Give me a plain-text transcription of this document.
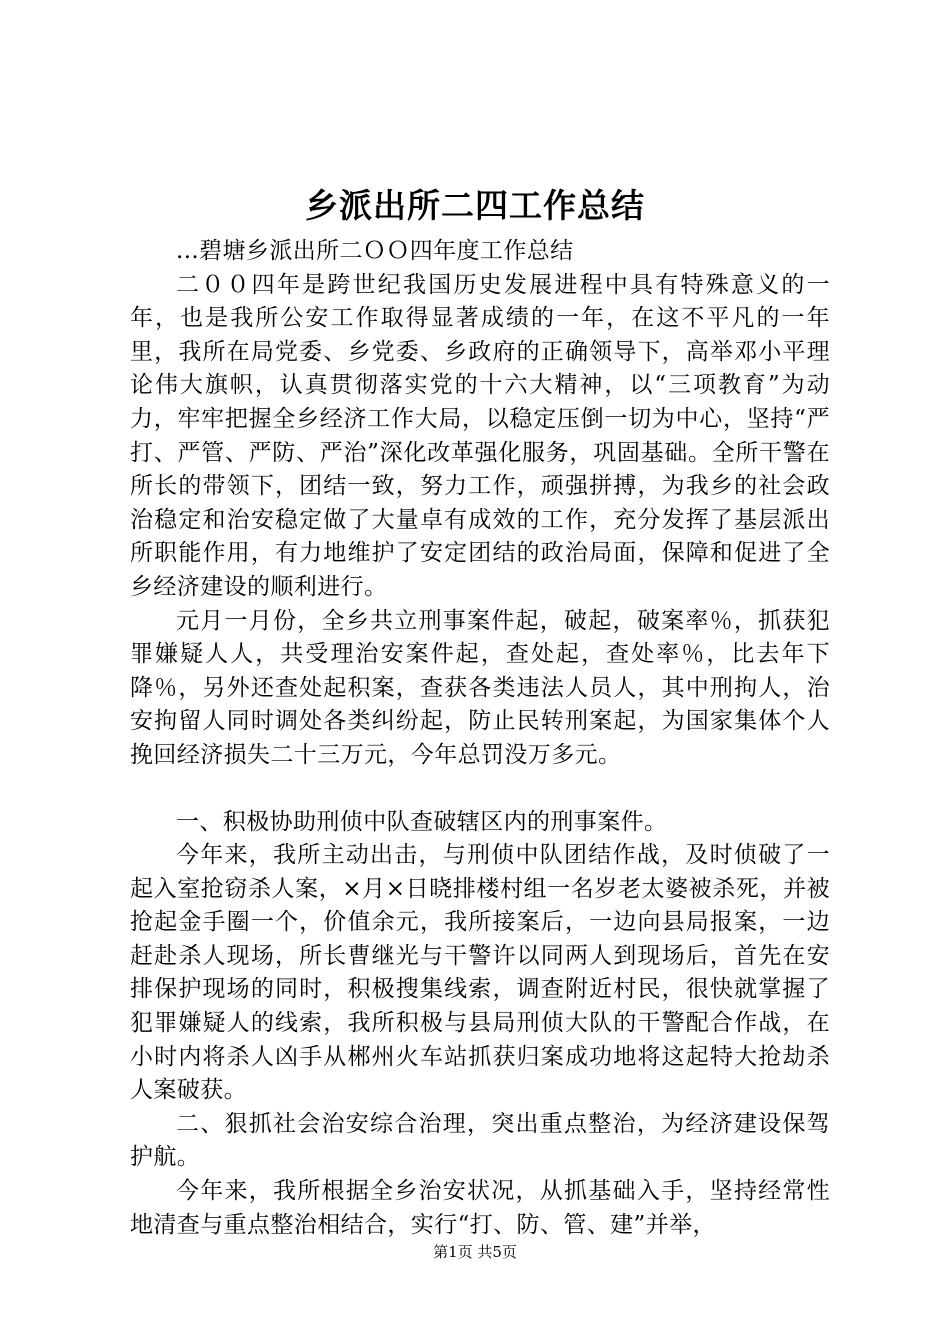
乡派出所二四工作总结

...碧塘乡派出所二ＯＯ四年度工作总结

二００四年是跨世纪我国历史发展进程中具有特殊意义的一年，也是我所公安工作取得显著成绩的一年，在这不平凡的一年里，我所在局党委、乡党委、乡政府的正确领导下，高举邓小平理论伟大旗帜，认真贯彻落实党的十六大精神，以“三项教育”为动力，牢牢把握全乡经济工作大局，以稳定压倒一切为中心，坚持“严打、严管、严防、严治”深化改革强化服务，巩固基础。全所干警在所长的带领下，团结一致，努力工作，顽强拼搏，为我乡的社会政治稳定和治安稳定做了大量卓有成效的工作，充分发挥了基层派出所职能作用，有力地维护了安定团结的政治局面，保障和促进了全乡经济建设的顺利进行。

元月一月份，全乡共立刑事案件起，破起，破案率％，抓获犯罪嫌疑人人，共受理治安案件起，查处起，查处率％，比去年下降％，另外还查处起积案，查获各类违法人员人，其中刑拘人，治安拘留人同时调处各类纠纷起，防止民转刑案起，为国家集体个人挽回经济损失二十三万元，今年总罚没万多元。

一、积极协助刑侦中队查破辖区内的刑事案件。

今年来，我所主动出击，与刑侦中队团结作战，及时侦破了一起入室抢窃杀人案，×月×日晓排楼村组一名岁老太婆被杀死，并被抢起金手圈一个，价值余元，我所接案后，一边向县局报案，一边赶赴杀人现场，所长曹继光与干警许以同两人到现场后，首先在安排保护现场的同时，积极搜集线索，调查附近村民，很快就掌握了犯罪嫌疑人的线索，我所积极与县局刑侦大队的干警配合作战，在小时内将杀人凶手从郴州火车站抓获归案成功地将这起特大抢劫杀人案破获。

二、狠抓社会治安综合治理，突出重点整治，为经济建设保驾护航。

今年来，我所根据全乡治安状况，从抓基础入手，坚持经常性地清查与重点整治相结合，实行“打、防、管、建”并举，

第1页 共5页
